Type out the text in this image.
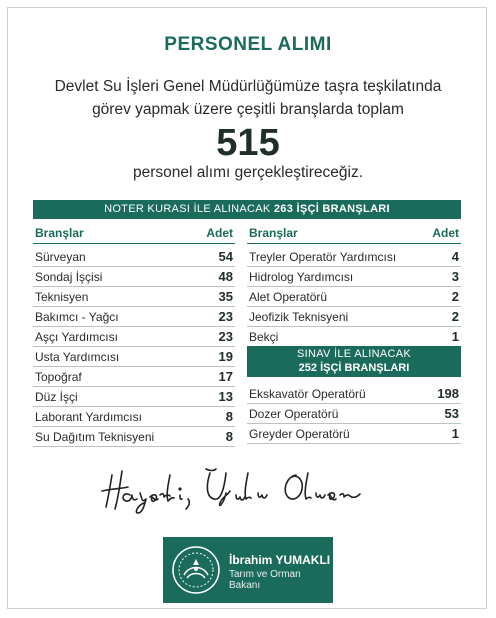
PERSONEL ALIMI
Devlet Su İşleri Genel Müdürlüğümüze taşra teşkilatında
görev yapmak üzere çeşitli branşlarda toplam
515
personel alımı gerçekleştireceğiz.
NOTER KURASI İLE ALINACAK 263 İŞÇİ BRANŞLARI
Branşlar	Adet Branşlar	Adet
Sürveyan	54
Sondaj İşçisi	48
Teknisyen	35
Bakımcı - Yağcı	23
Aşçı Yardımcısı	23
Usta Yardımcısı	19
Topoğraf	17
Düz İşçi	13
Laborant Yardımcısı	8
Su Dağıtım Teknisyeni	8
Treyler Operatör Yardımcısı	4
Hidrolog Yardımcısı	3
Alet Operatörü	2
Jeofizik Teknisyeni	2
Bekçi	1
SINAV İLE ALINACAK
252 İŞÇİ BRANŞLARI
Ekskavatör Operatörü	198
Dozer Operatörü	53
Greyder Operatörü	1
İbrahim YUMAKLI
Tarım ve Orman Bakanı
